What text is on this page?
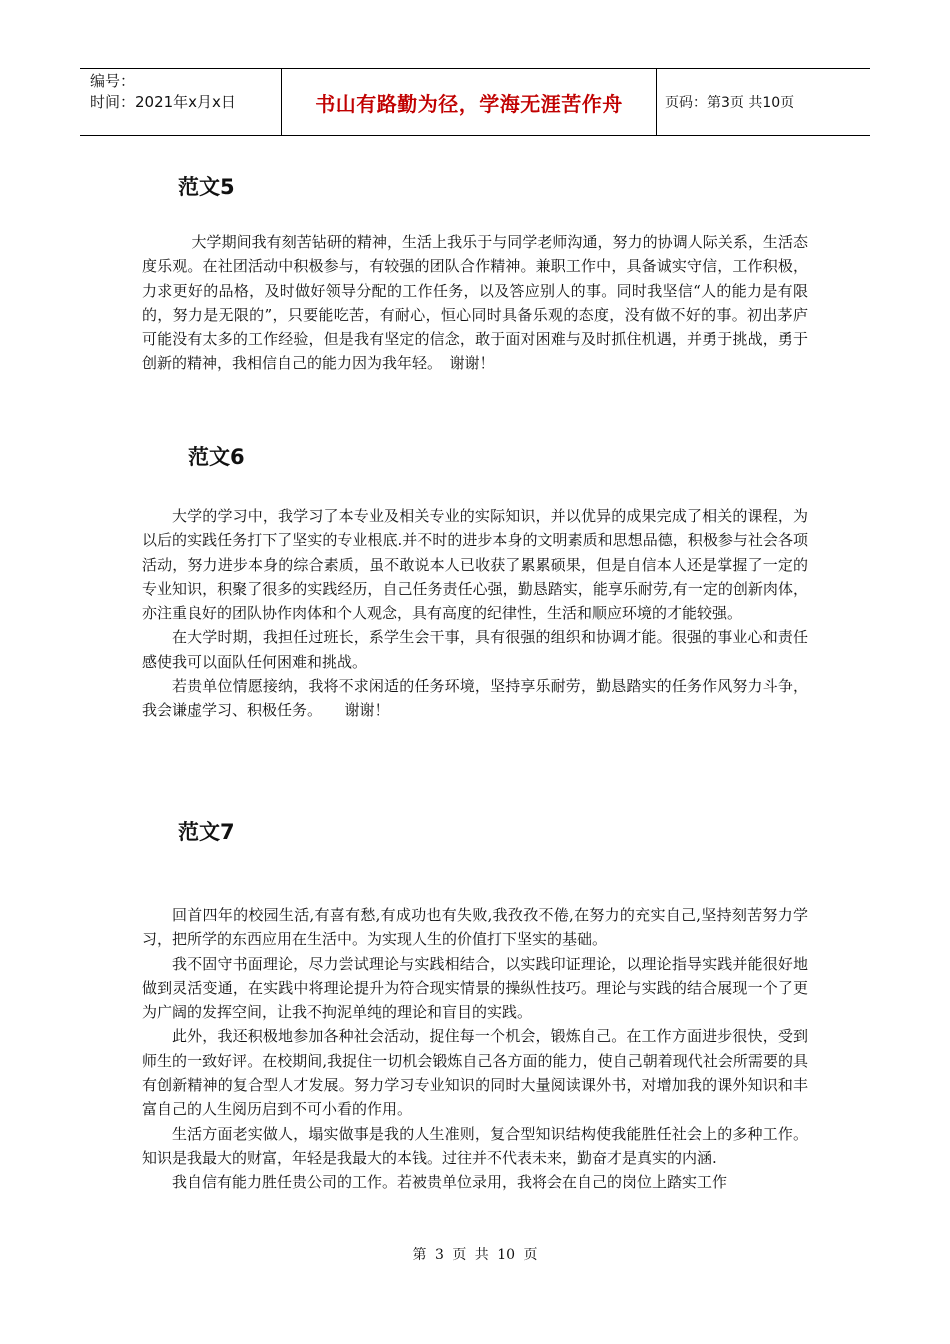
编号：
时间：2021年x月x日	书山有路勤为径，学海无涯苦作舟	页码：第3页 共10页
范文5

大学期间我有刻苦钻研的精神，生活上我乐于与同学老师沟通，努力的协调人际关系，生活态度乐观。在社团活动中积极参与，有较强的团队合作精神。兼职工作中，具备诚实守信，工作积极，力求更好的品格，及时做好领导分配的工作任务，以及答应别人的事。同时我坚信“人的能力是有限的，努力是无限的”，只要能吃苦，有耐心，恒心同时具备乐观的态度，没有做不好的事。初出茅庐可能没有太多的工作经验，但是我有坚定的信念，敢于面对困难与及时抓住机遇，并勇于挑战，勇于创新的精神，我相信自己的能力因为我年轻。　谢谢！

范文6

大学的学习中，我学习了本专业及相关专业的实际知识，并以优异的成果完成了相关的课程，为以后的实践任务打下了坚实的专业根底.并不时的进步本身的文明素质和思想品德，积极参与社会各项活动，努力进步本身的综合素质，虽不敢说本人已收获了累累硕果，但是自信本人还是掌握了一定的专业知识，积聚了很多的实践经历，自己任务责任心强，勤恳踏实，能享乐耐劳,有一定的创新肉体，亦注重良好的团队协作肉体和个人观念，具有高度的纪律性，生活和顺应环境的才能较强。

在大学时期，我担任过班长，系学生会干事，具有很强的组织和协调才能。很强的事业心和责任感使我可以面队任何困难和挑战。

若贵单位情愿接纳，我将不求闲适的任务环境，坚持享乐耐劳，勤恳踏实的任务作风努力斗争，我会谦虚学习、积极任务。　　谢谢！

范文7

回首四年的校园生活,有喜有愁,有成功也有失败,我孜孜不倦,在努力的充实自己,坚持刻苦努力学习，把所学的东西应用在生活中。为实现人生的价值打下坚实的基础。

我不固守书面理论，尽力尝试理论与实践相结合，以实践印证理论，以理论指导实践并能很好地做到灵活变通，在实践中将理论提升为符合现实情景的操纵性技巧。理论与实践的结合展现一个了更为广阔的发挥空间，让我不拘泥单纯的理论和盲目的实践。

此外，我还积极地参加各种社会活动，捉住每一个机会，锻炼自己。在工作方面进步很快，受到师生的一致好评。在校期间,我捉住一切机会锻炼自己各方面的能力，使自己朝着现代社会所需要的具有创新精神的复合型人才发展。努力学习专业知识的同时大量阅读课外书，对增加我的课外知识和丰富自己的人生阅历启到不可小看的作用。

生活方面老实做人，塌实做事是我的人生准则，复合型知识结构使我能胜任社会上的多种工作。知识是我最大的财富，年轻是我最大的本钱。过往并不代表未来，勤奋才是真实的内涵.

我自信有能力胜任贵公司的工作。若被贵单位录用，我将会在自己的岗位上踏实工作

第 3 页 共 10 页
